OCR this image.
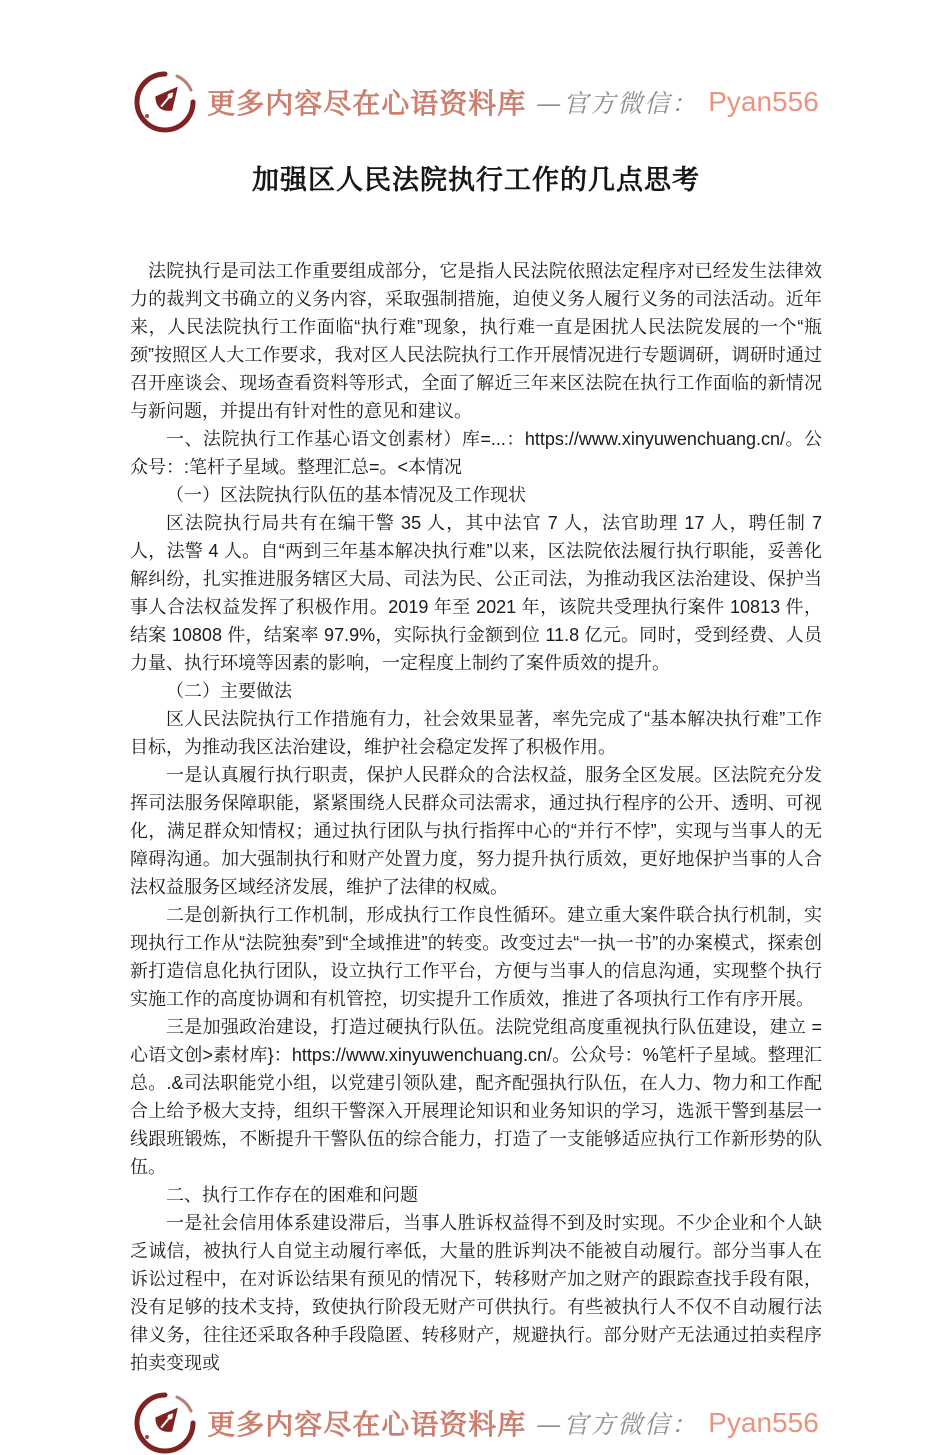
更多内容尽在心语资料库 —官方微信： Pyan556
加强区人民法院执行工作的几点思考

法院执行是司法工作重要组成部分，它是指人民法院依照法定程序对已经发生法律效力的裁判文书确立的义务内容，采取强制措施，迫使义务人履行义务的司法活动。近年来，人民法院执行工作面临“执行难”现象，执行难一直是困扰人民法院发展的一个“瓶颈”按照区人大工作要求，我对区人民法院执行工作开展情况进行专题调研，调研时通过召开座谈会、现场查看资料等形式，全面了解近三年来区法院在执行工作面临的新情况与新问题，并提出有针对性的意见和建议。

一、法院执行工作基心语文创素材）库=...：https://www.xinyuwenchuang.cn/。公众号：:笔杆子星域。整理汇总=。<本情况

（一）区法院执行队伍的基本情况及工作现状

区法院执行局共有在编干警 35 人，其中法官 7 人，法官助理 17 人，聘任制 7 人，法警 4 人。自“两到三年基本解决执行难”以来，区法院依法履行执行职能，妥善化解纠纷，扎实推进服务辖区大局、司法为民、公正司法，为推动我区法治建设、保护当事人合法权益发挥了积极作用。2019 年至 2021 年，该院共受理执行案件 10813 件，结案 10808 件，结案率 97.9%，实际执行金额到位 11.8 亿元。同时，受到经费、人员力量、执行环境等因素的影响，一定程度上制约了案件质效的提升。

（二）主要做法

区人民法院执行工作措施有力，社会效果显著，率先完成了“基本解决执行难”工作目标，为推动我区法治建设，维护社会稳定发挥了积极作用。

一是认真履行执行职责，保护人民群众的合法权益，服务全区发展。区法院充分发挥司法服务保障职能，紧紧围绕人民群众司法需求，通过执行程序的公开、透明、可视化，满足群众知情权；通过执行团队与执行指挥中心的“并行不悖”，实现与当事人的无障碍沟通。加大强制执行和财产处置力度，努力提升执行质效，更好地保护当事的人合法权益服务区域经济发展，维护了法律的权威。

二是创新执行工作机制，形成执行工作良性循环。建立重大案件联合执行机制，实现执行工作从“法院独奏”到“全域推进”的转变。改变过去“一执一书”的办案模式，探索创新打造信息化执行团队，设立执行工作平台，方便与当事人的信息沟通，实现整个执行实施工作的高度协调和有机管控，切实提升工作质效，推进了各项执行工作有序开展。

三是加强政治建设，打造过硬执行队伍。法院党组高度重视执行队伍建设，建立 =心语文创>素材库}：https://www.xinyuwenchuang.cn/。公众号：%笔杆子星域。整理汇总。.&司法职能党小组，以党建引领队建，配齐配强执行队伍，在人力、物力和工作配合上给予极大支持，组织干警深入开展理论知识和业务知识的学习，选派干警到基层一线跟班锻炼，不断提升干警队伍的综合能力，打造了一支能够适应执行工作新形势的队伍。

二、执行工作存在的困难和问题

一是社会信用体系建设滞后，当事人胜诉权益得不到及时实现。不少企业和个人缺乏诚信，被执行人自觉主动履行率低，大量的胜诉判决不能被自动履行。部分当事人在诉讼过程中，在对诉讼结果有预见的情况下，转移财产加之财产的跟踪查找手段有限，没有足够的技术支持，致使执行阶段无财产可供执行。有些被执行人不仅不自动履行法律义务，往往还采取各种手段隐匿、转移财产，规避执行。部分财产无法通过拍卖程序拍卖变现或

更多内容尽在心语资料库 —官方微信： Pyan556
